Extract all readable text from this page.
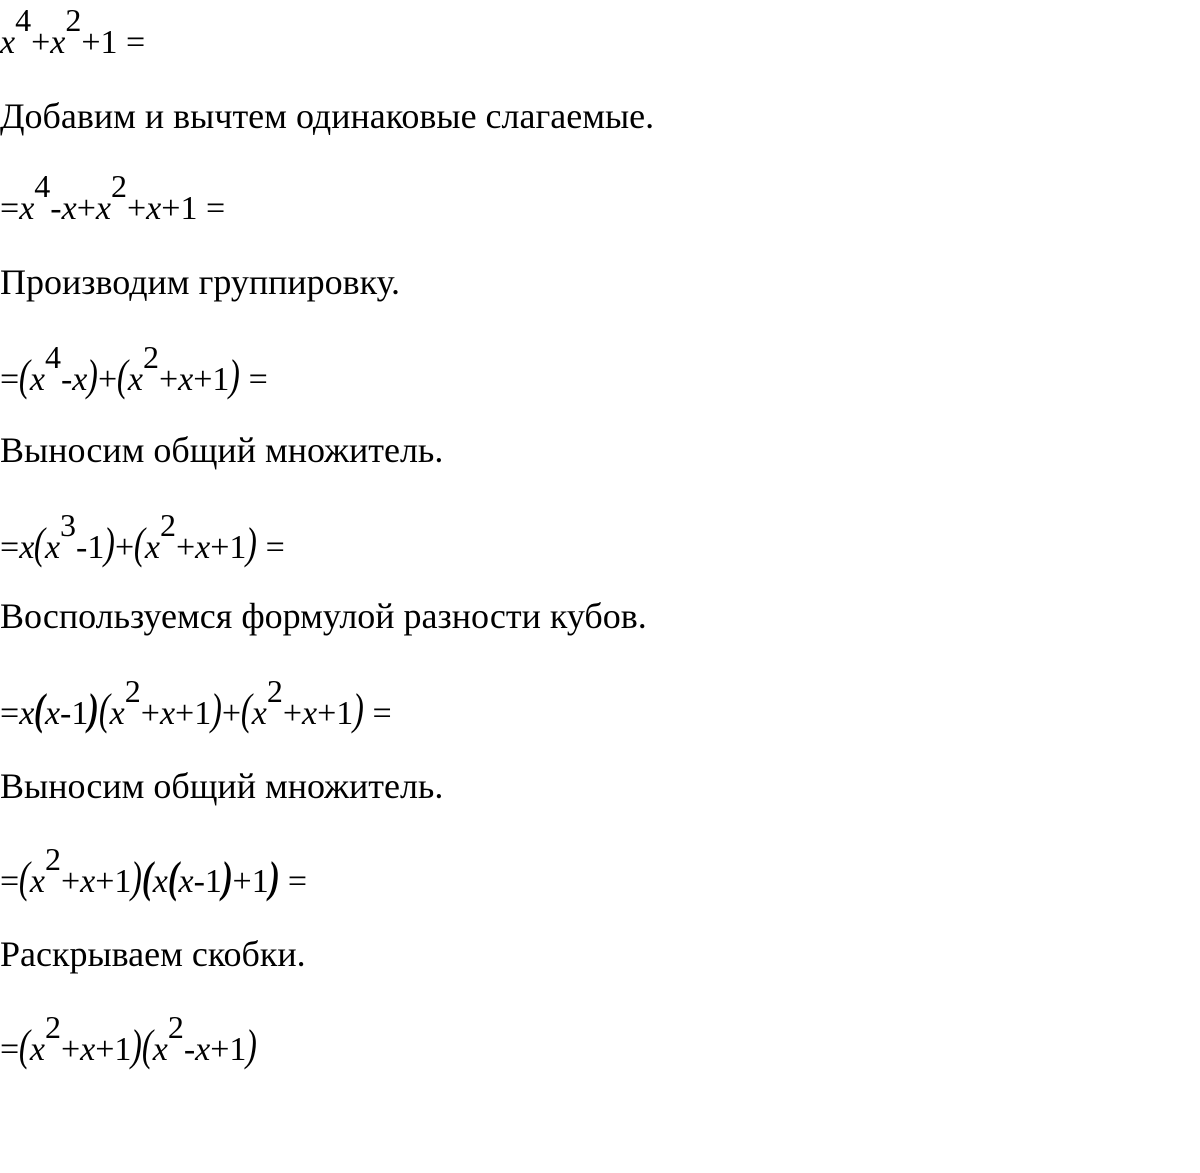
x4+x2+1 =
Добавим и вычтем одинаковые слагаемые.
=x4-x+x2+x+1 =
Производим группировку.
=(x4-x)+(x2+x+1) =
Выносим общий множитель.
=x(x3-1)+(x2+x+1) =
Воспользуемся формулой разности кубов.
=x(x-1)(x2+x+1)+(x2+x+1) =
Выносим общий множитель.
=(x2+x+1)(x(x-1)+1) =
Раскрываем скобки.
=(x2+x+1)(x2-x+1)
